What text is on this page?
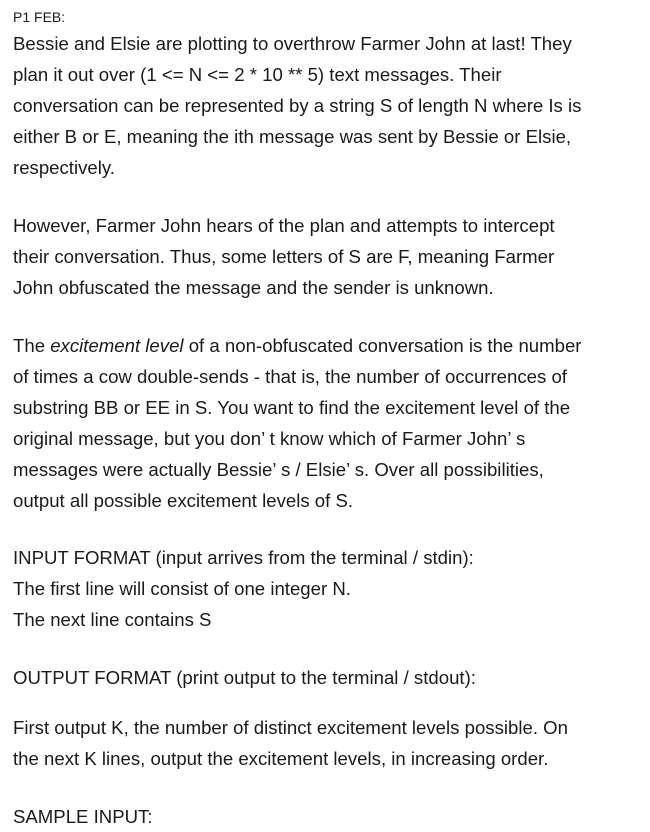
P1 FEB:

Bessie and Elsie are plotting to overthrow Farmer John at last! They
plan it out over (1 <= N <= 2 * 10 ** 5) text messages. Their
conversation can be represented by a string S of length N where Is is
either B or E, meaning the ith message was sent by Bessie or Elsie,
respectively.

However, Farmer John hears of the plan and attempts to intercept
their conversation. Thus, some letters of S are F, meaning Farmer
John obfuscated the message and the sender is unknown.

The excitement level of a non-obfuscated conversation is the number
of times a cow double-sends - that is, the number of occurrences of
substring BB or EE in S. You want to find the excitement level of the
original message, but you don’ t know which of Farmer John’ s
messages were actually Bessie’ s / Elsie’ s. Over all possibilities,
output all possible excitement levels of S.

INPUT FORMAT (input arrives from the terminal / stdin):
The first line will consist of one integer N.
The next line contains S

OUTPUT FORMAT (print output to the terminal / stdout):

First output K, the number of distinct excitement levels possible. On
the next K lines, output the excitement levels, in increasing order.

SAMPLE INPUT:
